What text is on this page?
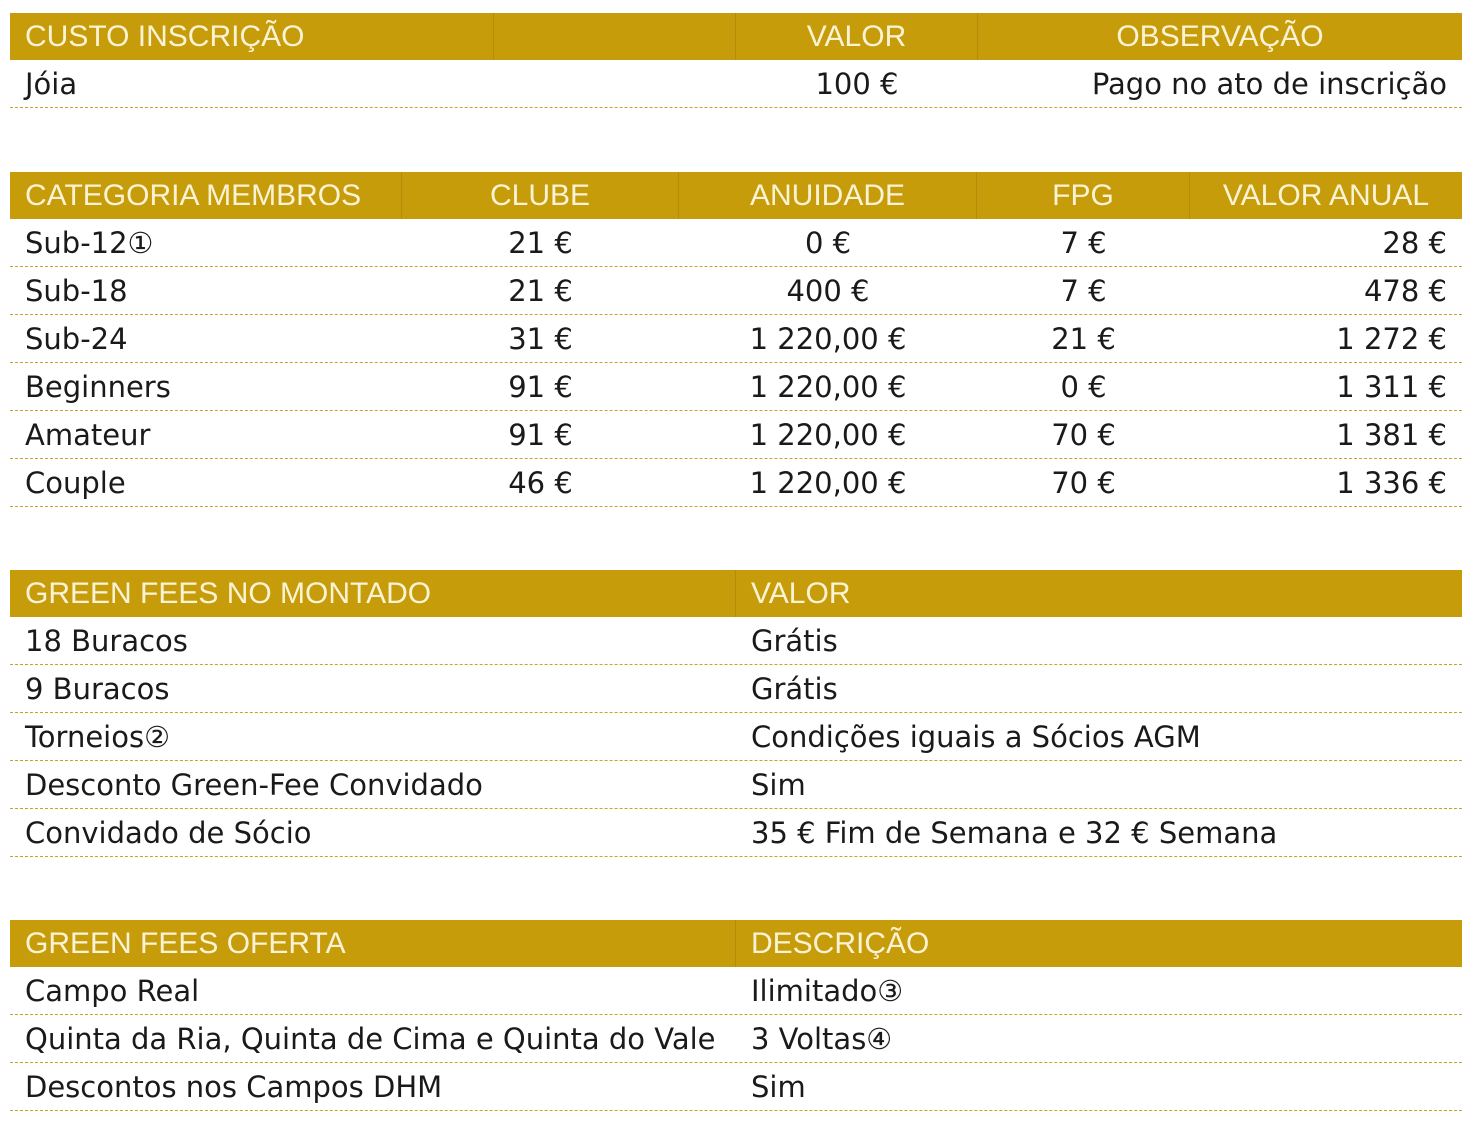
CUSTO INSCRIÇÃO	VALOR	OBSERVAÇÃO
Jóia	100 €	Pago no ato de inscrição
CATEGORIA MEMBROS	CLUBE	ANUIDADE	FPG	VALOR ANUAL
Sub-12①	21 €	0 €	7 €	28 €
Sub-18	21 €	400 €	7 €	478 €
Sub-24	31 €	1 220,00 €	21 €	1 272 €
Beginners	91 €	1 220,00 €	0 €	1 311 €
Amateur	91 €	1 220,00 €	70 €	1 381 €
Couple	46 €	1 220,00 €	70 €	1 336 €
GREEN FEES NO MONTADO	VALOR
18 Buracos	Grátis
9 Buracos	Grátis
Torneios②	Condições iguais a Sócios AGM
Desconto Green-Fee Convidado	Sim
Convidado de Sócio	35 € Fim de Semana e 32 € Semana
GREEN FEES OFERTA	DESCRIÇÃO
Campo Real	Ilimitado③
Quinta da Ria, Quinta de Cima e Quinta do Vale	3 Voltas④
Descontos nos Campos DHM	Sim
